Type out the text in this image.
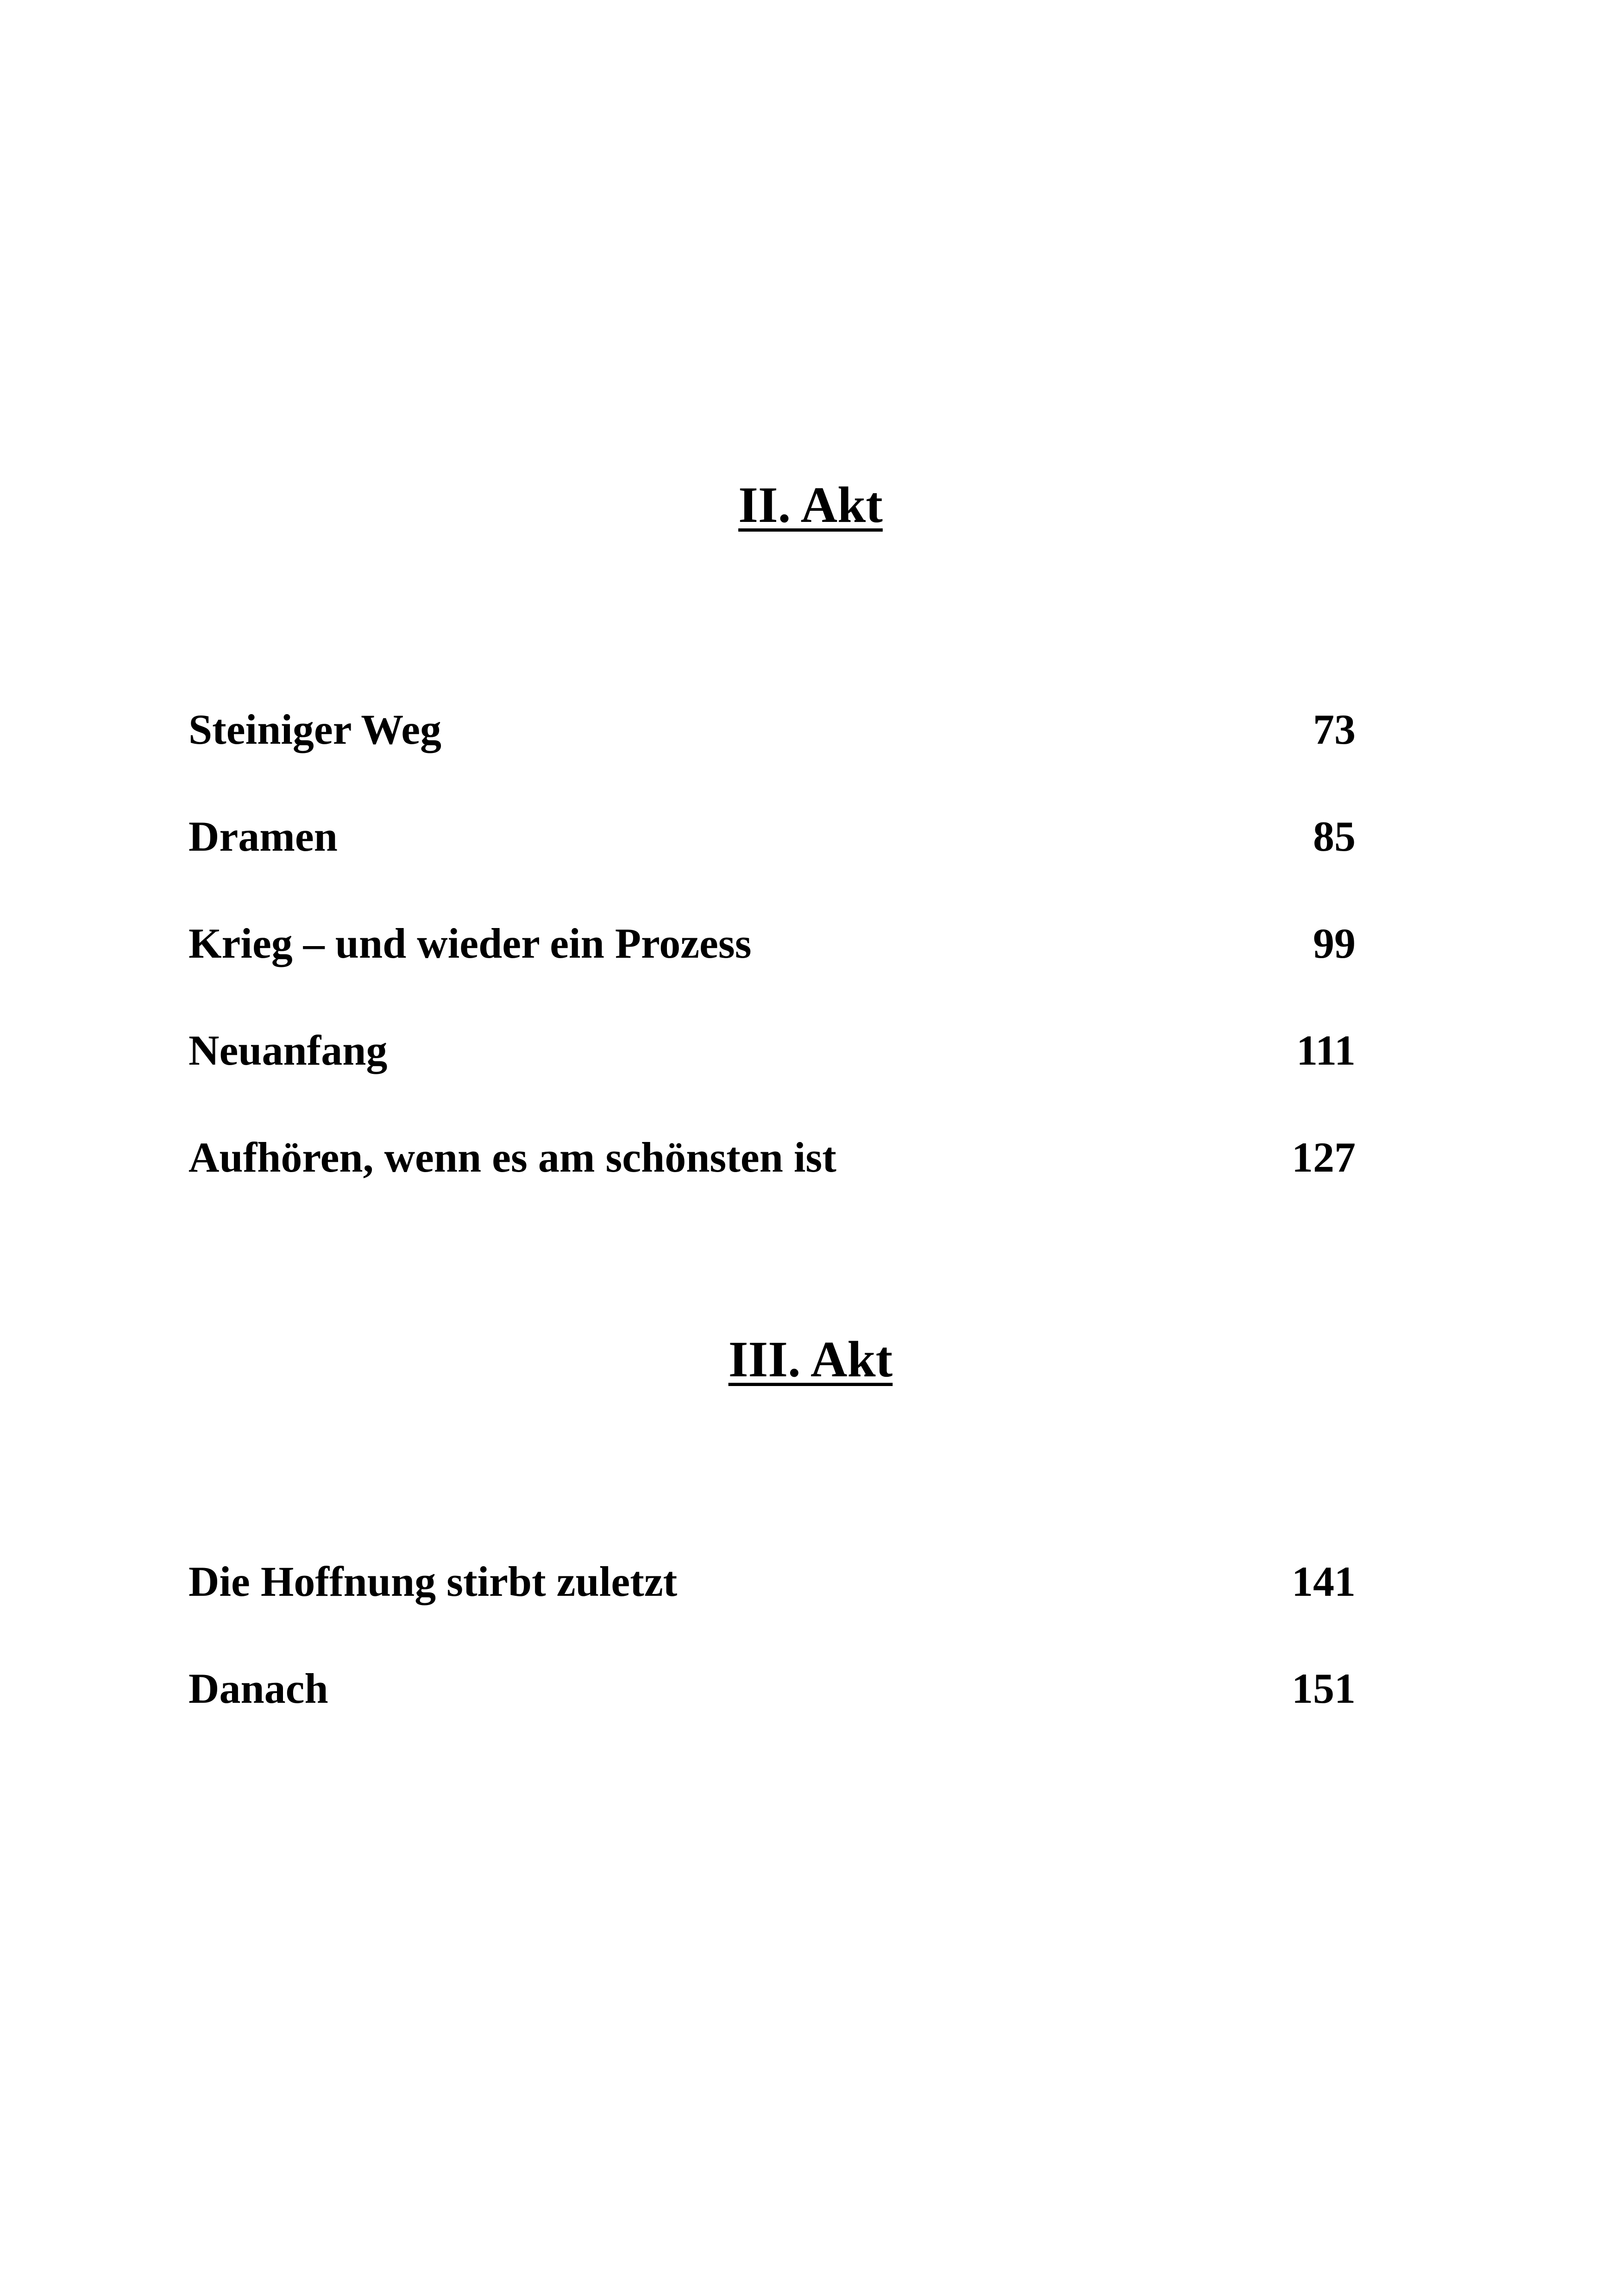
II. Akt
Steiniger Weg	73
Dramen	85
Krieg – und wieder ein Prozess	99
Neuanfang	111
Aufhören, wenn es am schönsten ist	127
III. Akt
Die Hoffnung stirbt zuletzt	141
Danach	151
